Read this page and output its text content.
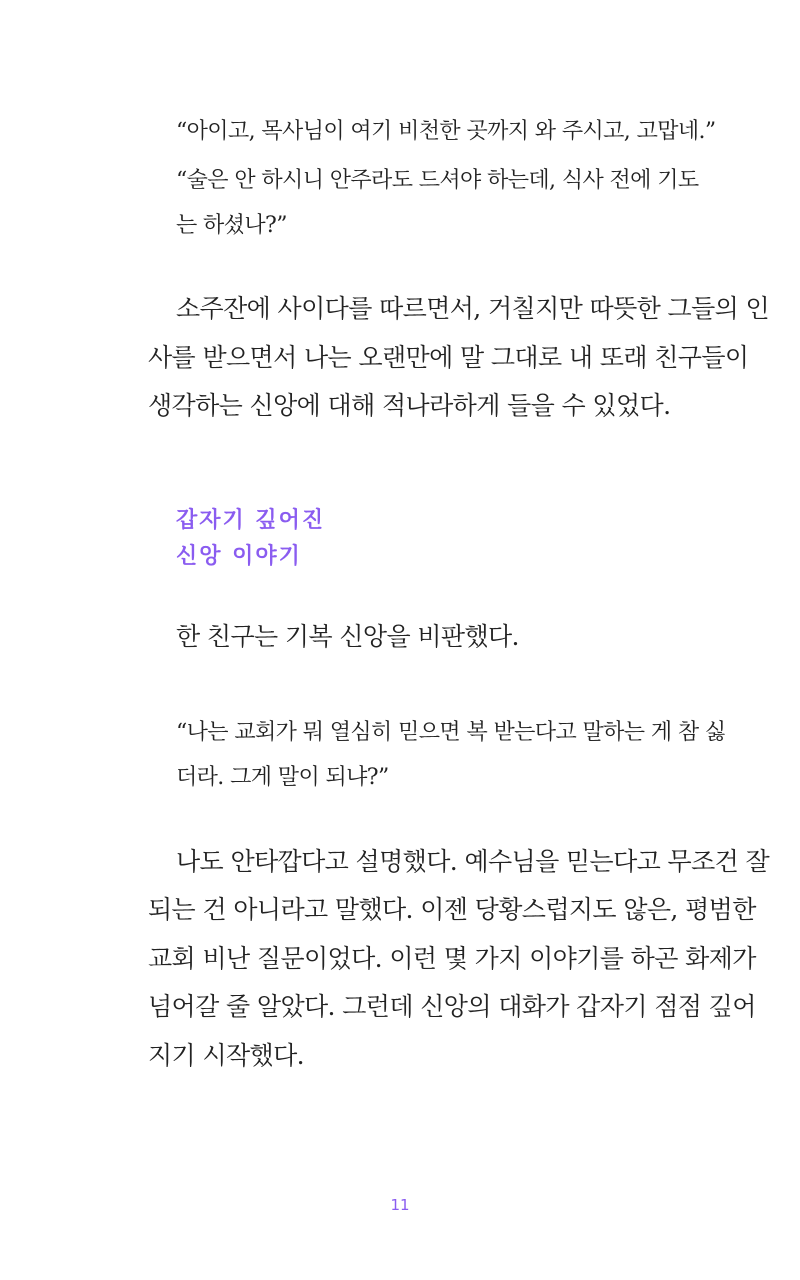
“아이고, 목사님이 여기 비천한 곳까지 와 주시고, 고맙네.”

“술은 안 하시니 안주라도 드셔야 하는데, 식사 전에 기도

는 하셨나?”

소주잔에 사이다를 따르면서, 거칠지만 따뜻한 그들의 인

사를 받으면서 나는 오랜만에 말 그대로 내 또래 친구들이

생각하는 신앙에 대해 적나라하게 들을 수 있었다.

갑자기 깊어진

신앙 이야기

한 친구는 기복 신앙을 비판했다.

“나는 교회가 뭐 열심히 믿으면 복 받는다고 말하는 게 참 싫

더라. 그게 말이 되냐?”

나도 안타깝다고 설명했다. 예수님을 믿는다고 무조건 잘

되는 건 아니라고 말했다. 이젠 당황스럽지도 않은, 평범한

교회 비난 질문이었다. 이런 몇 가지 이야기를 하곤 화제가

넘어갈 줄 알았다. 그런데 신앙의 대화가 갑자기 점점 깊어

지기 시작했다.

11
